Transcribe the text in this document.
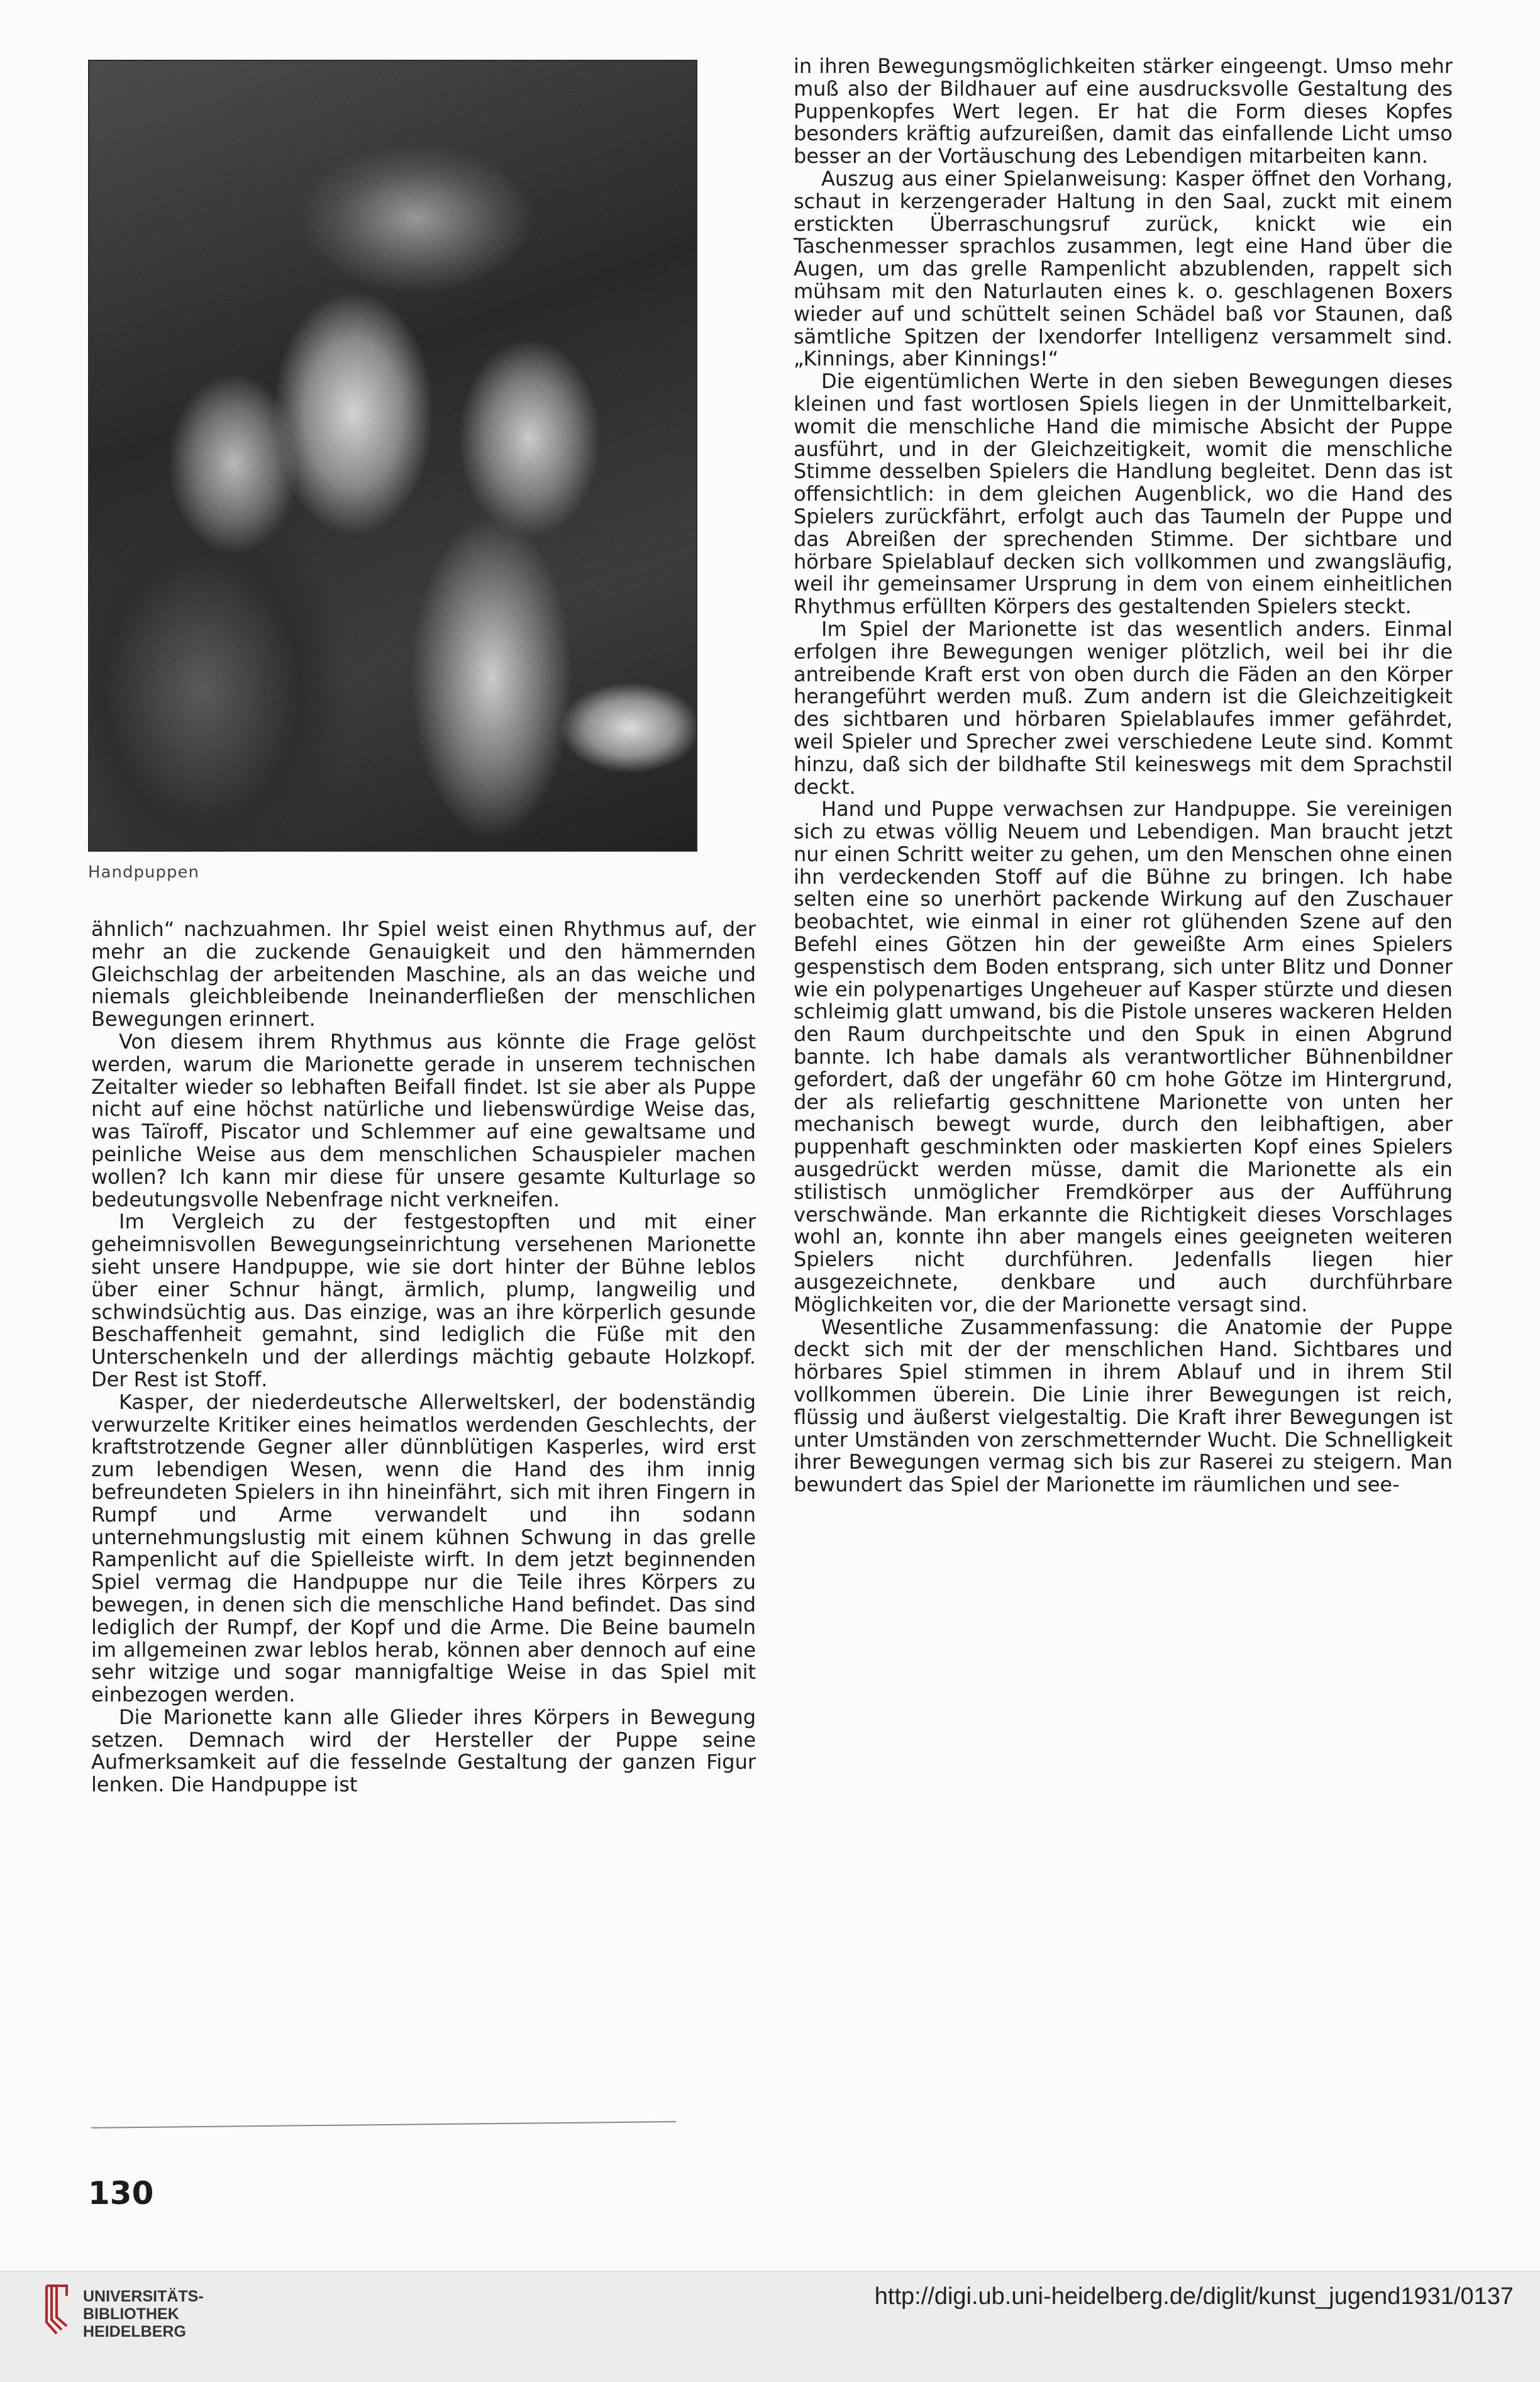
Handpuppen

ähnlich“ nachzuahmen. Ihr Spiel weist einen Rhythmus auf, der mehr an die zuckende Genauigkeit und den hämmernden Gleichschlag der arbeitenden Maschine, als an das weiche und niemals gleichbleibende Ineinanderfließen der menschlichen Bewegungen erinnert.

Von diesem ihrem Rhythmus aus könnte die Frage gelöst werden, warum die Marionette gerade in unserem technischen Zeitalter wieder so lebhaften Beifall findet. Ist sie aber als Puppe nicht auf eine höchst natürliche und liebenswürdige Weise das, was Taïroff, Piscator und Schlemmer auf eine gewaltsame und peinliche Weise aus dem menschlichen Schauspieler machen wollen? Ich kann mir diese für unsere gesamte Kulturlage so bedeutungsvolle Nebenfrage nicht verkneifen.

Im Vergleich zu der festgestopften und mit einer geheimnisvollen Bewegungseinrichtung versehenen Marionette sieht unsere Handpuppe, wie sie dort hinter der Bühne leblos über einer Schnur hängt, ärmlich, plump, langweilig und schwindsüchtig aus. Das einzige, was an ihre körperlich gesunde Beschaffenheit gemahnt, sind lediglich die Füße mit den Unterschenkeln und der allerdings mächtig gebaute Holzkopf. Der Rest ist Stoff.

Kasper, der niederdeutsche Allerweltskerl, der bodenständig verwurzelte Kritiker eines heimatlos werdenden Geschlechts, der kraftstrotzende Gegner aller dünnblütigen Kasperles, wird erst zum lebendigen Wesen, wenn die Hand des ihm innig befreundeten Spielers in ihn hineinfährt, sich mit ihren Fingern in Rumpf und Arme verwandelt und ihn sodann unternehmungslustig mit einem kühnen Schwung in das grelle Rampenlicht auf die Spielleiste wirft. In dem jetzt beginnenden Spiel vermag die Handpuppe nur die Teile ihres Körpers zu bewegen, in denen sich die menschliche Hand befindet. Das sind lediglich der Rumpf, der Kopf und die Arme. Die Beine baumeln im allgemeinen zwar leblos herab, können aber dennoch auf eine sehr witzige und sogar mannigfaltige Weise in das Spiel mit einbezogen werden.

Die Marionette kann alle Glieder ihres Körpers in Bewegung setzen. Demnach wird der Hersteller der Puppe seine Aufmerksamkeit auf die fesselnde Gestaltung der ganzen Figur lenken. Die Handpuppe ist

in ihren Bewegungsmöglichkeiten stärker eingeengt. Umso mehr muß also der Bildhauer auf eine ausdrucksvolle Gestaltung des Puppenkopfes Wert legen. Er hat die Form dieses Kopfes besonders kräftig aufzureißen, damit das einfallende Licht umso besser an der Vortäuschung des Lebendigen mitarbeiten kann.

Auszug aus einer Spielanweisung: Kasper öffnet den Vorhang, schaut in kerzengerader Haltung in den Saal, zuckt mit einem erstickten Überraschungsruf zurück, knickt wie ein Taschenmesser sprachlos zusammen, legt eine Hand über die Augen, um das grelle Rampenlicht abzublenden, rappelt sich mühsam mit den Naturlauten eines k. o. geschlagenen Boxers wieder auf und schüttelt seinen Schädel baß vor Staunen, daß sämtliche Spitzen der Ixendorfer Intelligenz versammelt sind. „Kinnings, aber Kinnings!“

Die eigentümlichen Werte in den sieben Bewegungen dieses kleinen und fast wortlosen Spiels liegen in der Unmittelbarkeit, womit die menschliche Hand die mimische Absicht der Puppe ausführt, und in der Gleichzeitigkeit, womit die menschliche Stimme desselben Spielers die Handlung begleitet. Denn das ist offensichtlich: in dem gleichen Augenblick, wo die Hand des Spielers zurückfährt, erfolgt auch das Taumeln der Puppe und das Abreißen der sprechenden Stimme. Der sichtbare und hörbare Spielablauf decken sich vollkommen und zwangsläufig, weil ihr gemeinsamer Ursprung in dem von einem einheitlichen Rhythmus erfüllten Körpers des gestaltenden Spielers steckt.

Im Spiel der Marionette ist das wesentlich anders. Einmal erfolgen ihre Bewegungen weniger plötzlich, weil bei ihr die antreibende Kraft erst von oben durch die Fäden an den Körper herangeführt werden muß. Zum andern ist die Gleichzeitigkeit des sichtbaren und hörbaren Spielablaufes immer gefährdet, weil Spieler und Sprecher zwei verschiedene Leute sind. Kommt hinzu, daß sich der bildhafte Stil keineswegs mit dem Sprachstil deckt.

Hand und Puppe verwachsen zur Handpuppe. Sie vereinigen sich zu etwas völlig Neuem und Lebendigen. Man braucht jetzt nur einen Schritt weiter zu gehen, um den Menschen ohne einen ihn verdeckenden Stoff auf die Bühne zu bringen. Ich habe selten eine so unerhört packende Wirkung auf den Zuschauer beobachtet, wie einmal in einer rot glühenden Szene auf den Befehl eines Götzen hin der geweißte Arm eines Spielers gespenstisch dem Boden entsprang, sich unter Blitz und Donner wie ein polypenartiges Ungeheuer auf Kasper stürzte und diesen schleimig glatt umwand, bis die Pistole unseres wackeren Helden den Raum durchpeitschte und den Spuk in einen Abgrund bannte. Ich habe damals als verantwortlicher Bühnenbildner gefordert, daß der ungefähr 60 cm hohe Götze im Hintergrund, der als reliefartig geschnittene Marionette von unten her mechanisch bewegt wurde, durch den leibhaftigen, aber puppenhaft geschminkten oder maskierten Kopf eines Spielers ausgedrückt werden müsse, damit die Marionette als ein stilistisch unmöglicher Fremdkörper aus der Aufführung verschwände. Man erkannte die Richtigkeit dieses Vorschlages wohl an, konnte ihn aber mangels eines geeigneten weiteren Spielers nicht durchführen. Jedenfalls liegen hier ausgezeichnete, denkbare und auch durchführbare Möglichkeiten vor, die der Marionette versagt sind.

Wesentliche Zusammenfassung: die Anatomie der Puppe deckt sich mit der der menschlichen Hand. Sichtbares und hörbares Spiel stimmen in ihrem Ablauf und in ihrem Stil vollkommen überein. Die Linie ihrer Bewegungen ist reich, flüssig und äußerst vielgestaltig. Die Kraft ihrer Bewegungen ist unter Umständen von zerschmetternder Wucht. Die Schnelligkeit ihrer Bewegungen vermag sich bis zur Raserei zu steigern. Man bewundert das Spiel der Marionette im räumlichen und see-

130
UNIVERSITÄTS-
BIBLIOTHEK
HEIDELBERG
http://digi.ub.uni-heidelberg.de/diglit/kunst_jugend1931/0137
